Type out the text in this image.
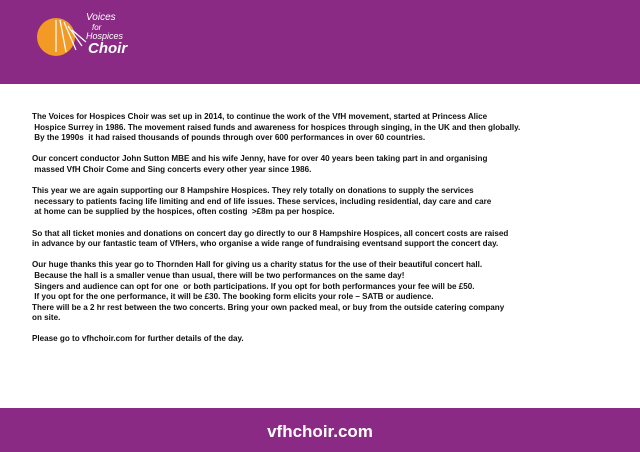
Voices
for
Hospices
Choir

The Voices for Hospices Choir was set up in 2014, to continue the work of the VfH movement, started at Princess Alice
Hospice Surrey in 1986. The movement raised funds and awareness for hospices through singing, in the UK and then globally.
By the 1990s  it had raised thousands of pounds through over 600 performances in over 60 countries.

Our concert conductor John Sutton MBE and his wife Jenny, have for over 40 years been taking part in and organising
massed VfH Choir Come and Sing concerts every other year since 1986.

This year we are again supporting our 8 Hampshire Hospices. They rely totally on donations to supply the services
necessary to patients facing life limiting and end of life issues. These services, including residential, day care and care
at home can be supplied by the hospices, often costing  >£8m pa per hospice.

So that all ticket monies and donations on concert day go directly to our 8 Hampshire Hospices, all concert costs are raised
in advance by our fantastic team of VfHers, who organise a wide range of fundraising eventsand support the concert day.

Our huge thanks this year go to Thornden Hall for giving us a charity status for the use of their beautiful concert hall.
Because the hall is a smaller venue than usual, there will be two performances on the same day!
Singers and audience can opt for one  or both participations. If you opt for both performances your fee will be £50.
If you opt for the one performance, it will be £30. The booking form elicits your role – SATB or audience.
There will be a 2 hr rest between the two concerts. Bring your own packed meal, or buy from the outside catering company
on site.

Please go to vfhchoir.com for further details of the day.

vfhchoir.com
